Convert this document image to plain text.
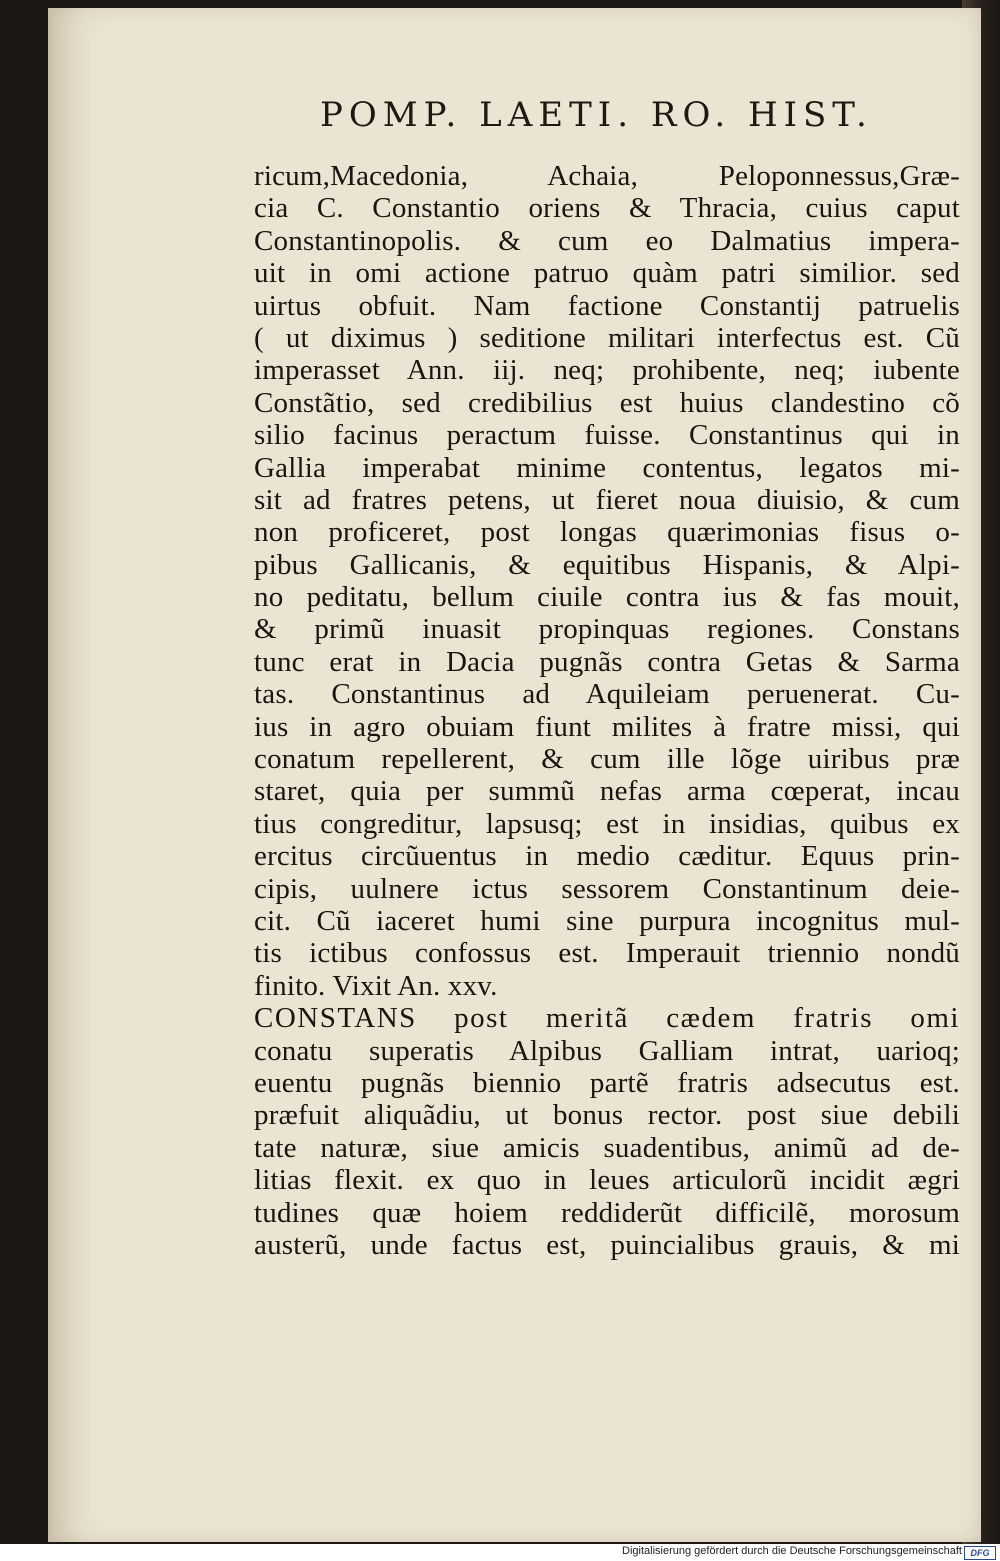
POMP. LAETI. RO. HIST.
ricum,Macedonia, Achaia, Peloponnessus,Græ-
cia C. Constantio oriens & Thracia, cuius caput
Constantinopolis. & cum eo Dalmatius impera-
uit in omi actione patruo quàm patri similior. sed
uirtus obfuit. Nam factione Constantij patruelis
( ut diximus ) seditione militari interfectus est. Cũ
imperasset Ann. iij. neq; prohibente, neq; iubente
Constãtio, sed credibilius est huius clandestino cõ
silio facinus peractum fuisse. Constantinus qui in
Gallia imperabat minime contentus, legatos mi-
sit ad fratres petens, ut fieret noua diuisio, & cum
non proficeret, post longas quærimonias fisus o-
pibus Gallicanis, & equitibus Hispanis, & Alpi-
no peditatu, bellum ciuile contra ius & fas mouit,
& primũ inuasit propinquas regiones. Constans
tunc erat in Dacia pugnãs contra Getas & Sarma
tas. Constantinus ad Aquileiam peruenerat. Cu-
ius in agro obuiam fiunt milites à fratre missi, qui
conatum repellerent, & cum ille lõge uiribus præ
staret, quia per summũ nefas arma cœperat, incau
tius congreditur, lapsusq; est in insidias, quibus ex
ercitus circũuentus in medio cæditur. Equus prin-
cipis, uulnere ictus sessorem Constantinum deie-
cit. Cũ iaceret humi sine purpura incognitus mul-
tis ictibus confossus est. Imperauit triennio nondũ
finito. Vixit An. xxv.
CONSTANS post meritã cædem fratris omi
conatu superatis Alpibus Galliam intrat, uarioq;
euentu pugnãs biennio partẽ fratris adsecutus est.
præfuit aliquãdiu, ut bonus rector. post siue debili
tate naturæ, siue amicis suadentibus, animũ ad de-
litias flexit. ex quo in leues articulorũ incidit ægri
tudines quæ hoiem reddiderũt difficilẽ, morosum
austerũ, unde factus est, puincialibus grauis, & mi
Digitalisierung gefördert durch die Deutsche Forschungsgemeinschaft DFG
